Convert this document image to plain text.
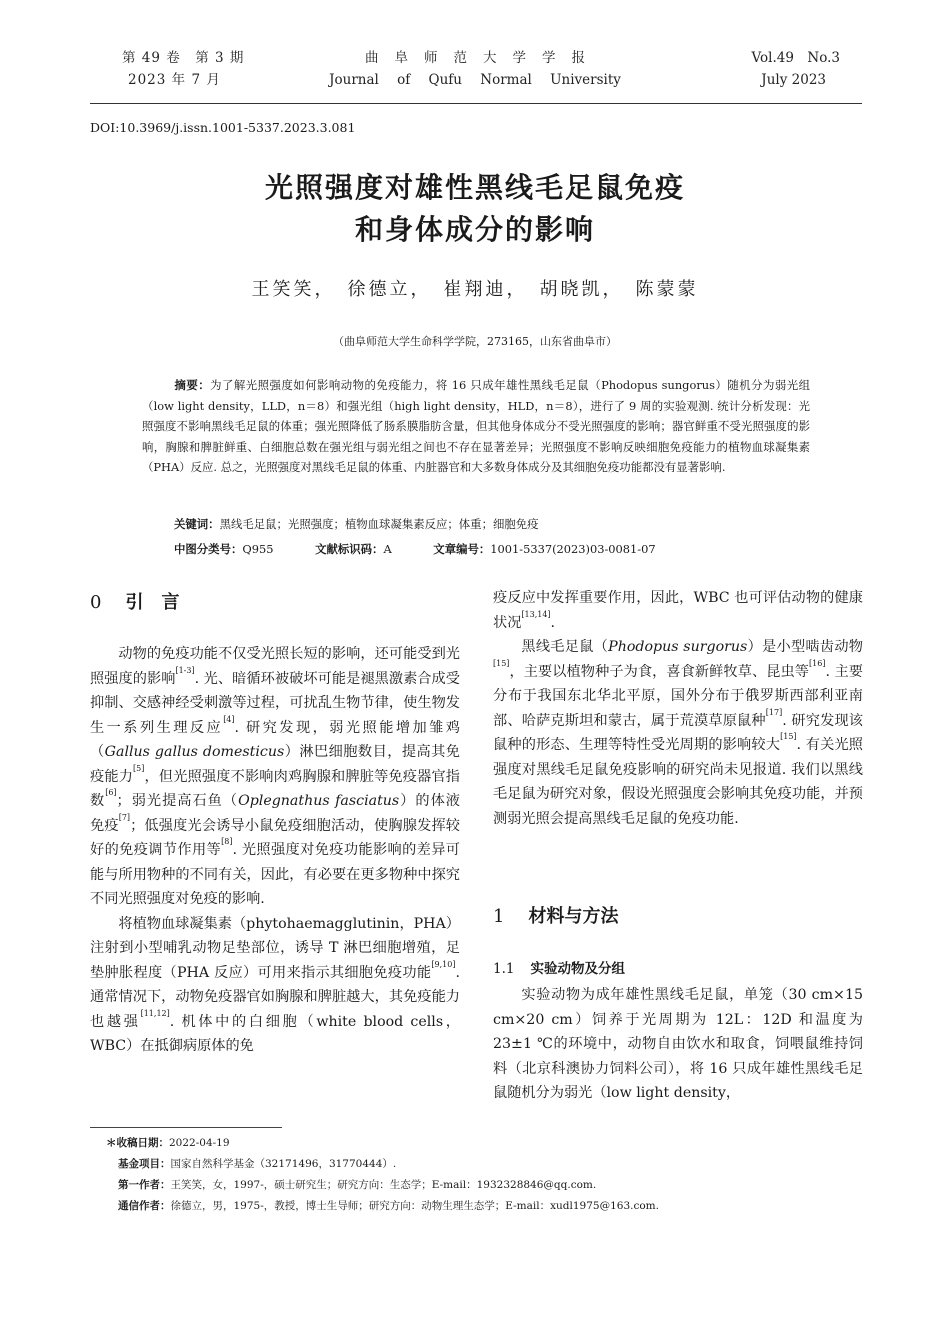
第 49 卷　第 3 期
2023 年 7 月
曲阜师范大学学报
Journal of Qufu Normal University
Vol.49　No.3
July 2023
DOI:10.3969/j.issn.1001-5337.2023.3.081
光照强度对雄性黑线毛足鼠免疫
和身体成分的影响
王笑笑，　徐德立，　崔翔迪，　胡晓凯，　陈蒙蒙
（曲阜师范大学生命科学学院，273165，山东省曲阜市）
摘要：为了解光照强度如何影响动物的免疫能力，将 16 只成年雄性黑线毛足鼠（Phodopus sungorus）随机分为弱光组（low light density，LLD，n＝8）和强光组（high light density，HLD，n＝8），进行了 9 周的实验观测. 统计分析发现：光照强度不影响黑线毛足鼠的体重；强光照降低了肠系膜脂肪含量，但其他身体成分不受光照强度的影响；器官鲜重不受光照强度的影响，胸腺和脾脏鲜重、白细胞总数在强光组与弱光组之间也不存在显著差异；光照强度不影响反映细胞免疫能力的植物血球凝集素（PHA）反应. 总之，光照强度对黑线毛足鼠的体重、内脏器官和大多数身体成分及其细胞免疫功能都没有显著影响.
关键词：黑线毛足鼠；光照强度；植物血球凝集素反应；体重；细胞免疫
中图分类号：Q955	文献标识码：A	文章编号：1001-5337(2023)03-0081-07
0 引　言

动物的免疫功能不仅受光照长短的影响，还可能受到光照强度的影响[1-3]. 光、暗循环被破坏可能是褪黑激素合成受抑制、交感神经受刺激等过程，可扰乱生物节律，使生物发生一系列生理反应[4]. 研究发现，弱光照能增加雏鸡（Gallus gallus domesticus）淋巴细胞数目，提高其免疫能力[5]，但光照强度不影响肉鸡胸腺和脾脏等免疫器官指数[6]；弱光提高石鱼（Oplegnathus fasciatus）的体液免疫[7]；低强度光会诱导小鼠免疫细胞活动，使胸腺发挥较好的免疫调节作用等[8]. 光照强度对免疫功能影响的差异可能与所用物种的不同有关，因此，有必要在更多物种中探究不同光照强度对免疫的影响.

将植物血球凝集素（phytohaemagglutinin，PHA）注射到小型哺乳动物足垫部位，诱导 T 淋巴细胞增殖，足垫肿胀程度（PHA 反应）可用来指示其细胞免疫功能[9,10]. 通常情况下，动物免疫器官如胸腺和脾脏越大，其免疫能力也越强[11,12]. 机体中的白细胞（white blood cells，WBC）在抵御病原体的免

疫反应中发挥重要作用，因此，WBC 也可评估动物的健康状况[13,14].

黑线毛足鼠（Phodopus surgorus）是小型啮齿动物[15]，主要以植物种子为食，喜食新鲜牧草、昆虫等[16]. 主要分布于我国东北华北平原，国外分布于俄罗斯西部利亚南部、哈萨克斯坦和蒙古，属于荒漠草原鼠种[17]. 研究发现该鼠种的形态、生理等特性受光周期的影响较大[15]. 有关光照强度对黑线毛足鼠免疫影响的研究尚未见报道. 我们以黑线毛足鼠为研究对象，假设光照强度会影响其免疫功能，并预测弱光照会提高黑线毛足鼠的免疫功能.

1 材料与方法
1.1 实验动物及分组

实验动物为成年雄性黑线毛足鼠，单笼（30 cm×15 cm×20 cm）饲养于光周期为 12L：12D 和温度为 23±1 ℃的环境中，动物自由饮水和取食，饲喂鼠维持饲料（北京科澳协力饲料公司），将 16 只成年雄性黑线毛足鼠随机分为弱光（low light density，

＊收稿日期：2022-04-19
基金项目：国家自然科学基金（32171496，31770444）.
第一作者：王笑笑，女，1997-，硕士研究生；研究方向：生态学；E-mail：1932328846@qq.com.
通信作者：徐德立，男，1975-，教授，博士生导师；研究方向：动物生理生态学；E-mail：xudl1975@163.com.
